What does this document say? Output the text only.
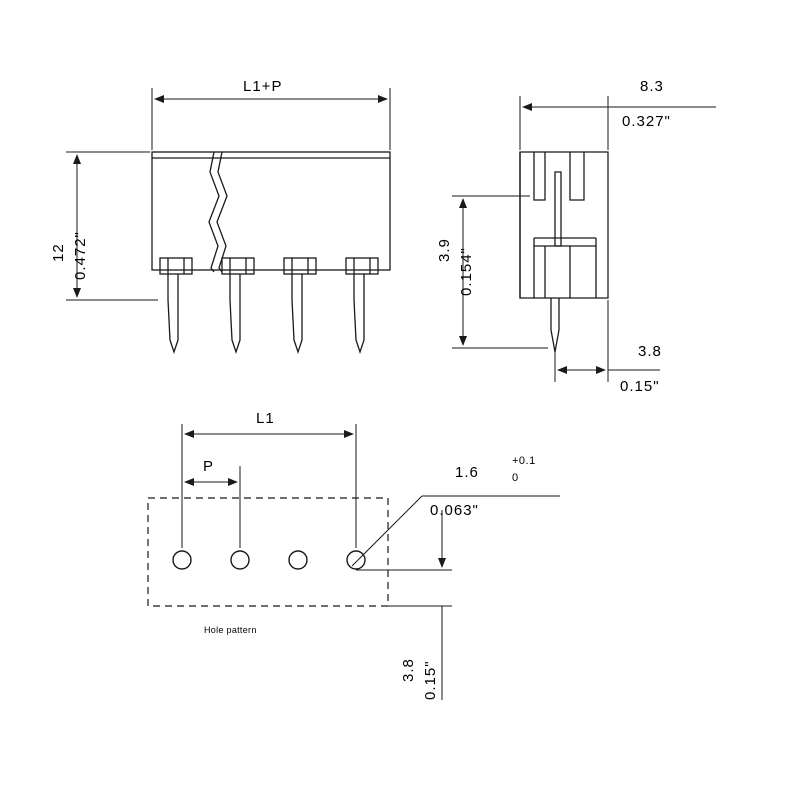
L1+P
12 0.472"
8.3
0.327"
3.9 0.154"
3.8
0.15"
L1
P	1.6
+0.1
0
0.063"
3.8 0.15"
Hole pattern
